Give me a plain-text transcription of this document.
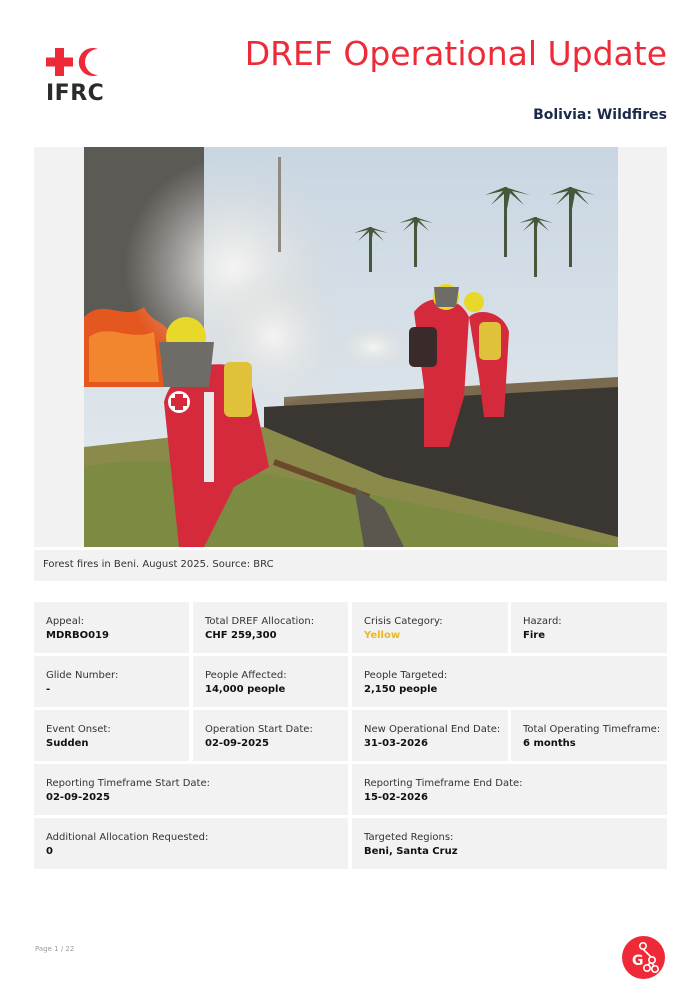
IFRC
DREF Operational Update
Bolivia: Wildfires
Forest fires in Beni. August 2025. Source: BRC
Appeal:
MDRBO019
Total DREF Allocation:
CHF 259,300
Crisis Category:
Yellow
Hazard:
Fire
Glide Number:
-
People Affected:
14,000 people
People Targeted:
2,150 people
Event Onset:
Sudden
Operation Start Date:
02-09-2025
New Operational End Date:
31-03-2026
Total Operating Timeframe:
6 months
Reporting Timeframe Start Date:
02-09-2025
Reporting Timeframe End Date:
15-02-2026
Additional Allocation Requested:
0
Targeted Regions:
Beni, Santa Cruz
Page 1 / 22
G
